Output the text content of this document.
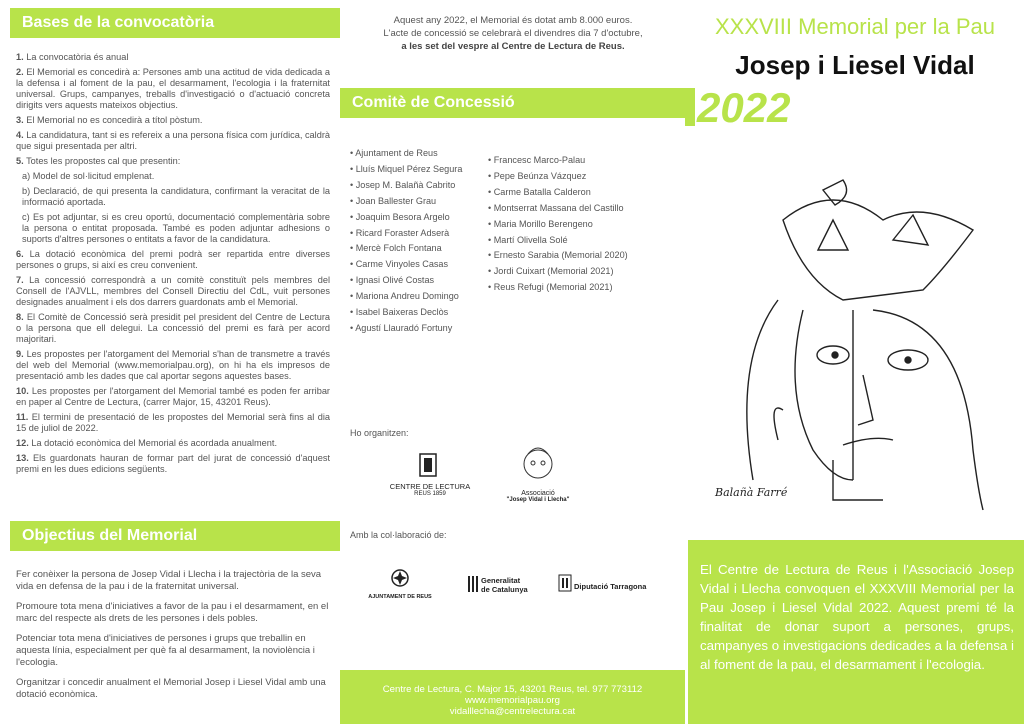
Bases de la convocatòria
1. La convocatòria és anual
2. El Memorial es concedirà a: Persones amb una actitud de vida dedicada a la defensa i al foment de la pau, el desarmament, l'ecologia i la fraternitat universal. Grups, campanyes, treballs d'investigació o d'actuació concreta dirigits vers aquests mateixos objectius.
3. El Memorial no es concedirà a títol pòstum.
4. La candidatura, tant si es refereix a una persona física com jurídica, caldrà que sigui presentada per altri.
5. Totes les propostes cal que presentin:
a) Model de sol·licitud emplenat.
b) Declaració, de qui presenta la candidatura, confirmant la veracitat de la informació aportada.
c) Es pot adjuntar, si es creu oportú, documentació complementària sobre la persona o entitat proposada. També es poden adjuntar adhesions o suports d'altres persones o entitats a favor de la candidatura.
6. La dotació econòmica del premi podrà ser repartida entre diverses persones o grups, si així es creu convenient.
7. La concessió correspondrà a un comitè constituït pels membres del Consell de l'AJVLL, membres del Consell Directiu del CdL, vuit persones designades anualment i els dos darrers guardonats amb el Memorial.
8. El Comitè de Concessió serà presidit pel president del Centre de Lectura o la persona que ell delegui. La concessió del premi es farà per acord majoritari.
9. Les propostes per l'atorgament del Memorial s'han de transmetre a través del web del Memorial (www.memorialpau.org), on hi ha els impresos de presentació amb les dades que cal aportar segons aquestes bases.
10. Les propostes per l'atorgament del Memorial també es poden fer arribar en paper al Centre de Lectura, (carrer Major, 15, 43201 Reus).
11. El termini de presentació de les propostes del Memorial serà fins al dia 15 de juliol de 2022.
12. La dotació econòmica del Memorial és acordada anualment.
13. Els guardonats hauran de formar part del jurat de concessió d'aquest premi en les dues edicions següents.
Objectius del Memorial

Fer conèixer la persona de Josep Vidal i Llecha i la trajectòria de la seva vida en defensa de la pau i de la fraternitat universal.

Promoure tota mena d'iniciatives a favor de la pau i el desarmament, en el marc del respecte als drets de les persones i dels pobles.

Potenciar tota mena d'iniciatives de persones i grups que treballin en aquesta línia, especialment per què fa al desarmament, la noviolència i l'ecologia.

Organitzar i concedir anualment el Memorial Josep i Liesel Vidal amb una dotació econòmica.

Aquest any 2022, el Memorial és dotat amb 8.000 euros.
L'acte de concessió se celebrarà el divendres dia 7 d'octubre,
a les set del vespre al Centre de Lectura de Reus.
Comitè de Concessió
• Ajuntament de Reus
• Lluís Miquel Pérez Segura
• Josep M. Balañà Cabrito
• Joan Ballester Grau
• Joaquim Besora Argelo
• Ricard Foraster Adserà
• Mercè Folch Fontana
• Carme Vinyoles Casas
• Ignasi Olivé Costas
• Mariona Andreu Domingo
• Isabel Baixeras Declòs
• Agustí Llauradó Fortuny
• Francesc Marco-Palau
• Pepe Beúnza Vázquez
• Carme Batalla Calderon
• Montserrat Massana del Castillo
• Maria Morillo Berengeno
• Martí Olivella Solé
• Ernesto Sarabia (Memorial 2020)
• Jordi Cuixart (Memorial 2021)
• Reus Refugi (Memorial 2021)
Ho organitzen:
CENTRE DE LECTURA
REUS 1859	Associació
"Josep Vidal i Llecha"
Amb la col·laboració de:
AJUNTAMENT DE REUS
Generalitat
de Catalunya	Diputació Tarragona
Centre de Lectura, C. Major 15, 43201 Reus, tel. 977 773112
www.memorialpau.org
vidalllecha@centrelectura.cat
XXXVIII Memorial per la Pau
Josep i Liesel Vidal
2022
Balañà Farré

El Centre de Lectura de Reus i l'Associació Josep Vidal i Llecha convoquen el XXXVIII Memorial per la Pau Josep i Liesel Vidal 2022. Aquest premi té la finalitat de donar suport a persones, grups, campanyes o investigacions dedicades a la defensa i al foment de la pau, el desarmament i l'ecologia.
